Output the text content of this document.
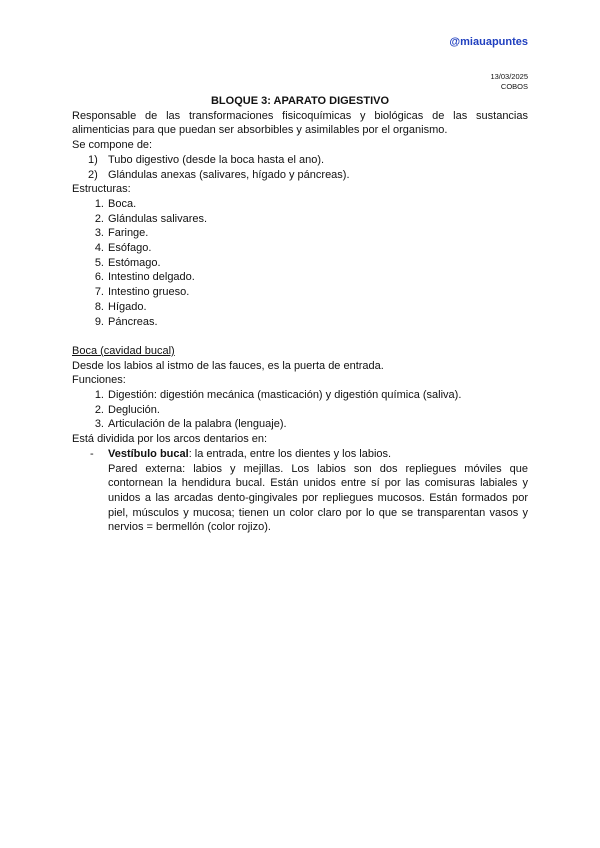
@miauapuntes
13/03/2025
COBOS

BLOQUE 3: APARATO DIGESTIVO

Responsable de las transformaciones fisicoquímicas y biológicas de las sustancias alimenticias para que puedan ser absorbibles y asimilables por el organismo.

Se compone de:

1) Tubo digestivo (desde la boca hasta el ano).
2) Glándulas anexas (salivares, hígado y páncreas).

Estructuras:

1. Boca.
2. Glándulas salivares.
3. Faringe.
4. Esófago.
5. Estómago.
6. Intestino delgado.
7. Intestino grueso.
8. Hígado.
9. Páncreas.

Boca (cavidad bucal)

Desde los labios al istmo de las fauces, es la puerta de entrada.

Funciones:

1. Digestión: digestión mecánica (masticación) y digestión química (saliva).
2. Deglución.
3. Articulación de la palabra (lenguaje).

Está dividida por los arcos dentarios en:

- Vestíbulo bucal: la entrada, entre los dientes y los labios.

Pared externa: labios y mejillas. Los labios son dos repliegues móviles que contornean la hendidura bucal. Están unidos entre sí por las comisuras labiales y unidos a las arcadas dento-gingivales por repliegues mucosos. Están formados por piel, músculos y mucosa; tienen un color claro por lo que se transparentan vasos y nervios = bermellón (color rojizo).
